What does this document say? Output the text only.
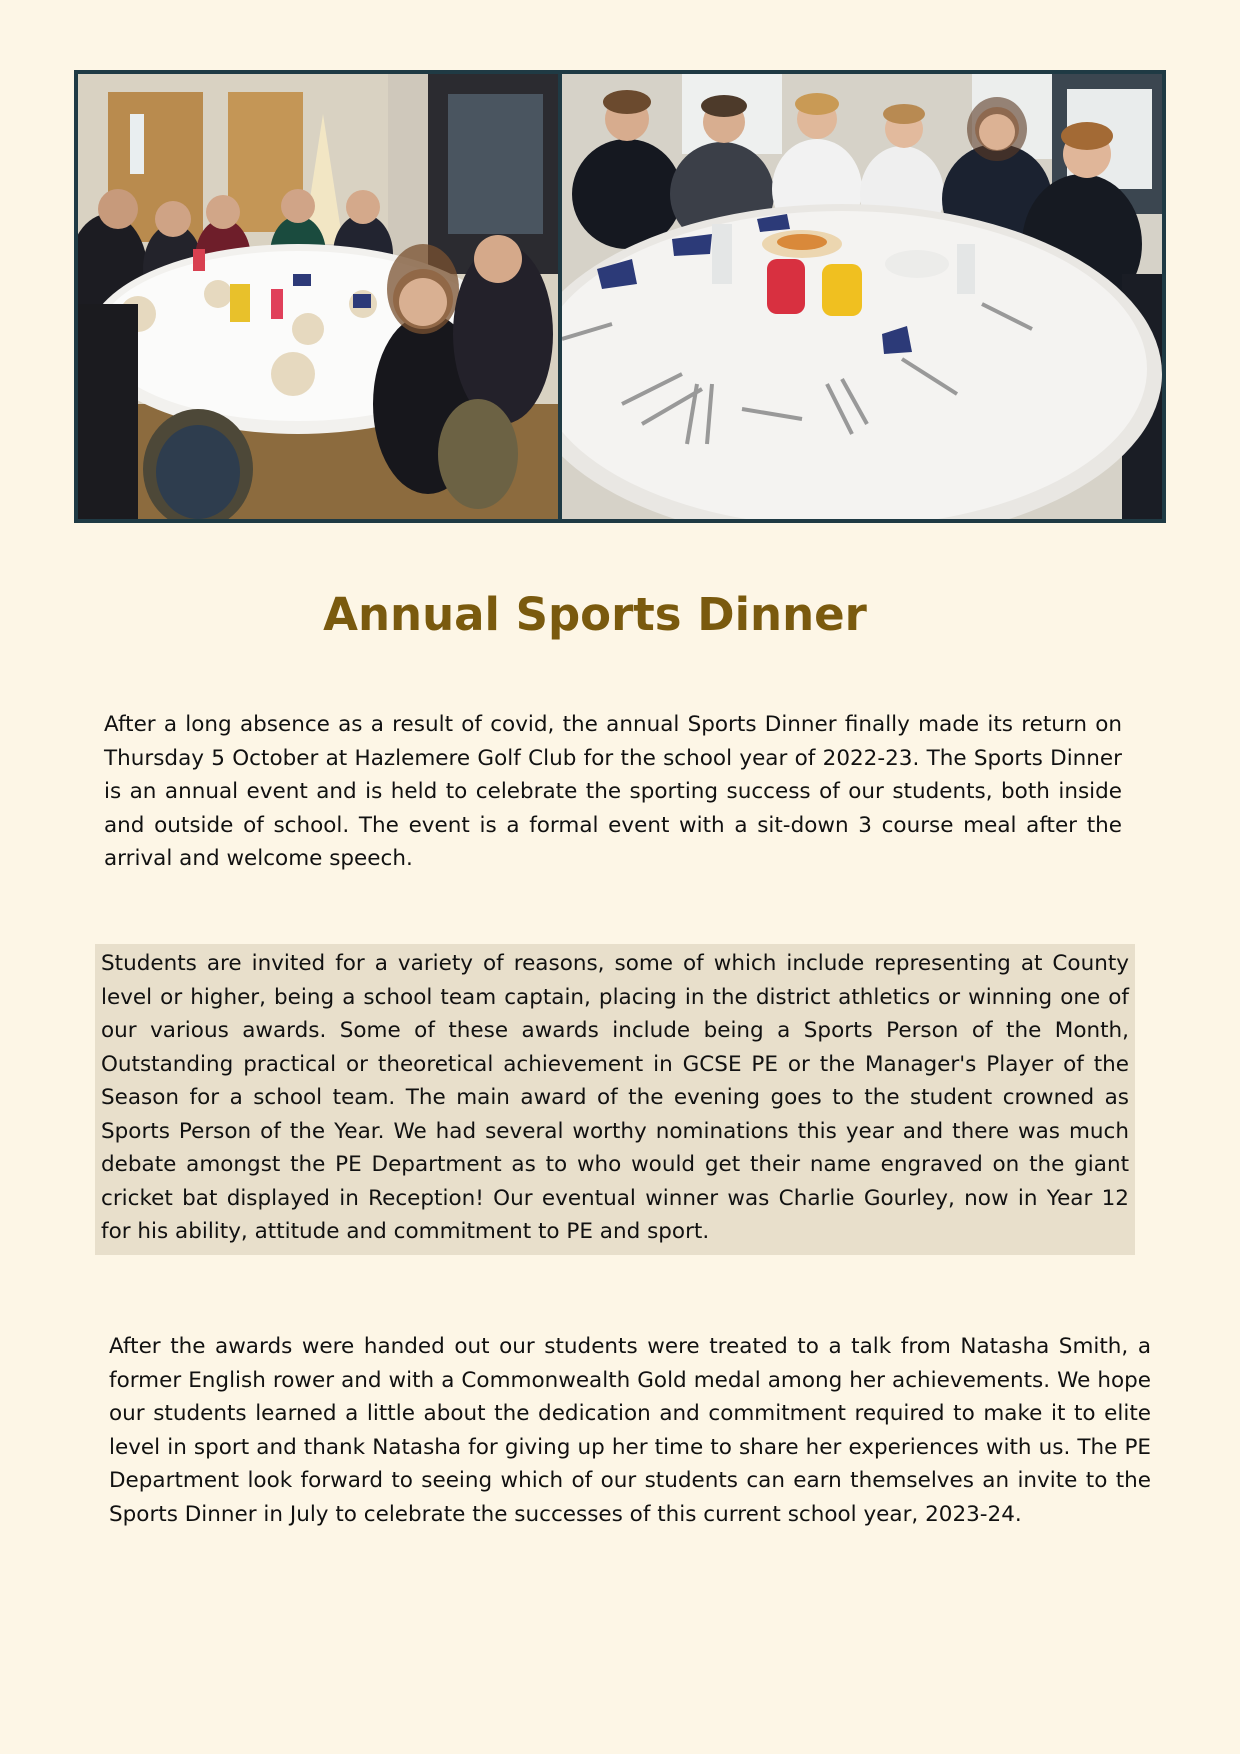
Annual Sports Dinner

After a long absence as a result of covid, the annual Sports Dinner finally made its return on Thursday 5 October at Hazlemere Golf Club for the school year of 2022-23. The Sports Dinner is an annual event and is held to celebrate the sporting success of our students, both inside and outside of school. The event is a formal event with a sit-down 3 course meal after the arrival and welcome speech.

Students are invited for a variety of reasons, some of which include representing at County level or higher, being a school team captain, placing in the district athletics or winning one of our various awards. Some of these awards include being a Sports Person of the Month, Outstanding practical or theoretical achievement in GCSE PE or the Manager's Player of the Season for a school team. The main award of the evening goes to the student crowned as Sports Person of the Year. We had several worthy nominations this year and there was much debate amongst the PE Department as to who would get their name engraved on the giant cricket bat displayed in Reception! Our eventual winner was Charlie Gourley, now in Year 12 for his ability, attitude and commitment to PE and sport.

After the awards were handed out our students were treated to a talk from Natasha Smith, a former English rower and with a Commonwealth Gold medal among her achievements. We hope our students learned a little about the dedication and commitment required to make it to elite level in sport and thank Natasha for giving up her time to share her experiences with us. The PE Department look forward to seeing which of our students can earn themselves an invite to the Sports Dinner in July to celebrate the successes of this current school year, 2023-24.
